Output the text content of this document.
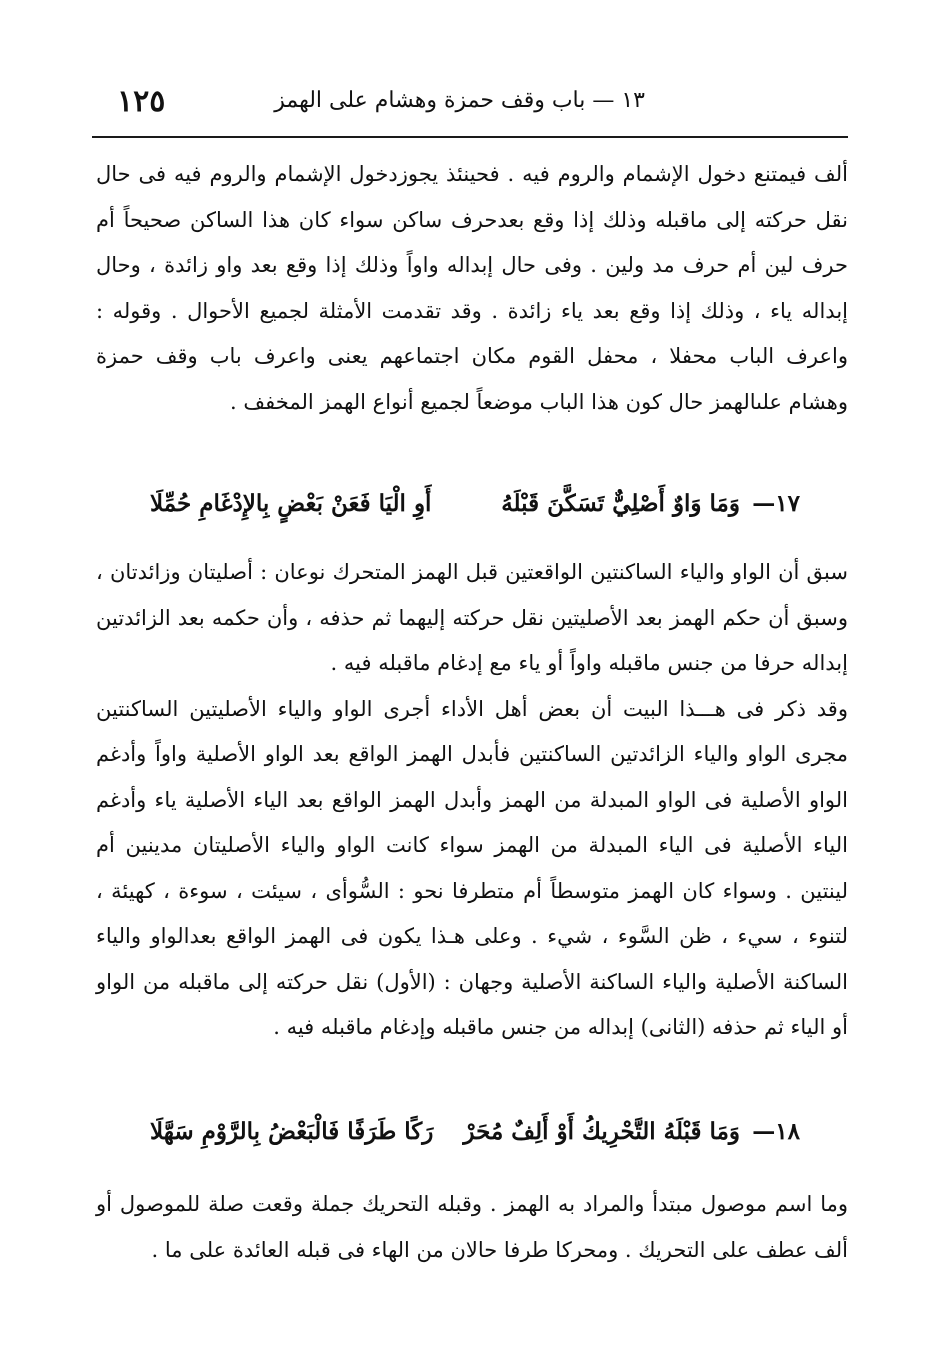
١٣ — باب وقف حمزة وهشام على الهمز
١٢٥

ألف فيمتنع دخول الإشمام والروم فيه . فحينئذ يجوزدخول الإشمام والروم فيه فى حال نقل حركته إلى ماقبله وذلك إذا وقع بعدحرف ساكن سواء كان هذا الساكن صحيحاً أم حرف لين أم حرف مد ولين . وفى حال إبداله واواً وذلك إذا وقع بعد واو زائدة ، وحال إبداله ياء ، وذلك إذا وقع بعد ياء زائدة . وقد تقدمت الأمثلة لجميع الأحوال . وقوله : واعرف الباب محفلا ، محفل القوم مكان اجتماعهم يعنى واعرف باب وقف حمزة وهشام علىالهمز حال كون هذا الباب موضعاً لجميع أنواع الهمز المخفف .

١٧—
وَمَا وَاوٌ أَصْلِيٌّ تَسَكَّنَ قَبْلَهُ
أَوِ الْيَا فَعَنْ بَعْضٍ بِالإِدْغَامِ حُمِّلَا

سبق أن الواو والياء الساكنتين الواقعتين قبل الهمز المتحرك نوعان : أصليتان وزائدتان ، وسبق أن حكم الهمز بعد الأصليتين نقل حركته إليهما ثم حذفه ، وأن حكمه بعد الزائدتين إبداله حرفا من جنس ماقبله واواً أو ياء مع إدغام ماقبله فيه .

وقد ذكر فى هـــذا البيت أن بعض أهل الأداء أجرى الواو والياء الأصليتين الساكنتين مجرى الواو والياء الزائدتين الساكنتين فأبدل الهمز الواقع بعد الواو الأصلية واواً وأدغم الواو الأصلية فى الواو المبدلة من الهمز وأبدل الهمز الواقع بعد الياء الأصلية ياء وأدغم الياء الأصلية فى الياء المبدلة من الهمز سواء كانت الواو والياء الأصليتان مدينين أم لينتين . وسواء كان الهمز متوسطاً أم متطرفا نحو : السُّوأى ، سيئت ، سوءة ، كهيئة ، لتنوء ، سيء ، ظن السَّوء ، شيء . وعلى هـذا يكون فى الهمز الواقع بعدالواو والياء الساكنة الأصلية والياء الساكنة الأصلية وجهان : (الأول) نقل حركته إلى ماقبله من الواو أو الياء ثم حذفه (الثانى) إبداله من جنس ماقبله وإدغام ماقبله فيه .

١٨—
وَمَا قَبْلَهُ التَّحْرِيكُ أَوْ أَلِفٌ مُحَرْ
رَكًا طَرَفًا فَالْبَعْضُ بِالرَّوْمِ سَهَّلَا

وما اسم موصول مبتدأ والمراد به الهمز . وقبله التحريك جملة وقعت صلة للموصول أو ألف عطف على التحريك . ومحركا طرفا حالان من الهاء فى قبله العائدة على ما .
